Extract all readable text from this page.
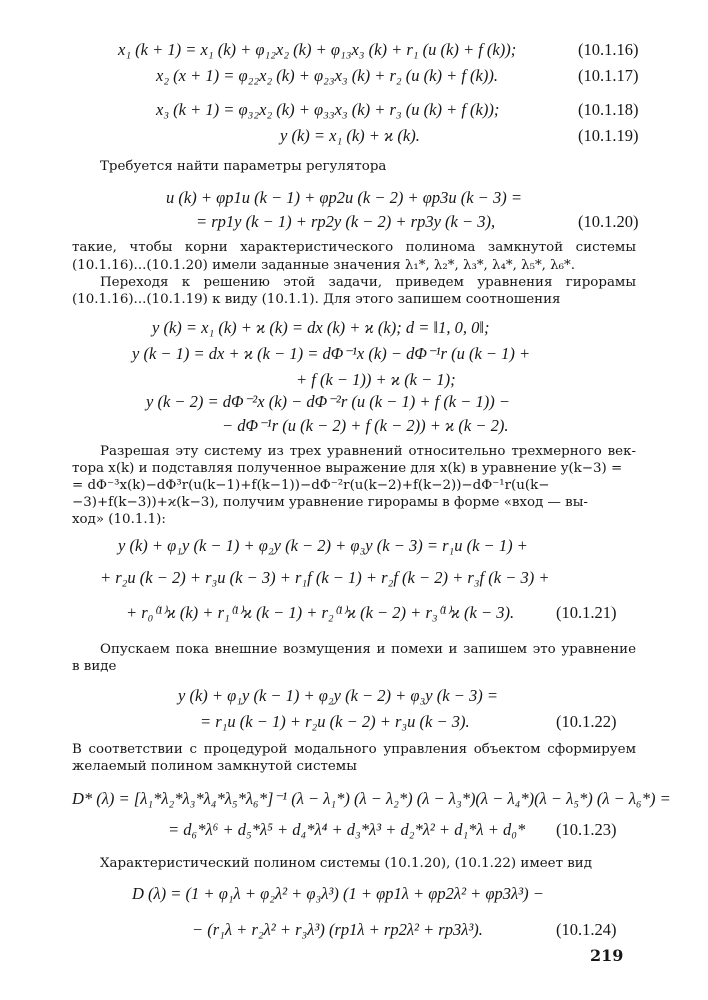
x₁ (k + 1) = x₁ (k) + φ₁₂x₂ (k) + φ₁₃x₃ (k) + r₁ (u (k) + f (k));	(10.1.16)
x₂ (x + 1) = φ₂₂x₂ (k) + φ₂₃x₃ (k) + r₂ (u (k) + f (k)).	(10.1.17)
x₃ (k + 1) = φ₃₂x₂ (k) + φ₃₃x₃ (k) + r₃ (u (k) + f (k));	(10.1.18)
y (k) = x₁ (k) + ϰ (k).	(10.1.19)
Требуется найти параметры регулятора
u (k) + φp1u (k − 1) + φp2u (k − 2) + φp3u (k − 3) =
= rp1y (k − 1) + rp2y (k − 2) + rp3y (k − 3),	(10.1.20)
такие, чтобы корни характеристического полинома замкнутой системы
(10.1.16)...(10.1.20) имели заданные значения λ₁*, λ₂*, λ₃*, λ₄*, λ₅*, λ₆*.
Переходя к решению этой задачи, приведем уравнения гирорамы
(10.1.16)...(10.1.19) к виду (10.1.1). Для этого запишем соотношения
y (k) = x₁ (k) + ϰ (k) = dx (k) + ϰ (k); d = ‖1, 0, 0‖;
y (k − 1) = dx + ϰ (k − 1) = dΦ⁻¹x (k) − dΦ⁻¹r (u (k − 1) +
+ f (k − 1)) + ϰ (k − 1);
y (k − 2) = dΦ⁻²x (k) − dΦ⁻²r (u (k − 1) + f (k − 1)) −
− dΦ⁻¹r (u (k − 2) + f (k − 2)) + ϰ (k − 2).
Разрешая эту систему из трех уравнений относительно трехмерного век-
тора x(k) и подставляя полученное выражение для x(k) в уравнение y(k−3) =
= dΦ⁻³x(k)−dΦ³r(u(k−1)+f(k−1))−dΦ⁻²r(u(k−2)+f(k−2))−dΦ⁻¹r(u(k−
−3)+f(k−3))+ϰ(k−3), получим уравнение гирорамы в форме «вход — вы-
ход» (10.1.1):
y (k) + φ₁y (k − 1) + φ₂y (k − 2) + φ₃y (k − 3) = r₁u (k − 1) +
+ r₂u (k − 2) + r₃u (k − 3) + r₁f (k − 1) + r₂f (k − 2) + r₃f (k − 3) +
+ r₀⁽¹⁾ϰ (k) + r₁⁽¹⁾ϰ (k − 1) + r₂⁽¹⁾ϰ (k − 2) + r₃⁽¹⁾ϰ (k − 3).	(10.1.21)
Опускаем пока внешние возмущения и помехи и запишем это уравнение
в виде
y (k) + φ₁y (k − 1) + φ₂y (k − 2) + φ₃y (k − 3) =
= r₁u (k − 1) + r₂u (k − 2) + r₃u (k − 3).	(10.1.22)
В соответствии с процедурой модального управления объектом сформируем
желаемый полином замкнутой системы
D* (λ) = [λ₁*λ₂*λ₃*λ₄*λ₅*λ₆*]⁻¹ (λ − λ₁*) (λ − λ₂*) (λ − λ₃*)(λ − λ₄*)(λ − λ₅*) (λ − λ₆*) =
= d₆*λ⁶ + d₅*λ⁵ + d₄*λ⁴ + d₃*λ³ + d₂*λ² + d₁*λ + d₀* (10.1.23)
Характеристический полином системы (10.1.20), (10.1.22) имеет вид
D (λ) = (1 + φ₁λ + φ₂λ² + φ₃λ³) (1 + φp1λ + φp2λ² + φp3λ³) −
− (r₁λ + r₂λ² + r₃λ³) (rp1λ + rp2λ² + rp3λ³).	(10.1.24)
219
